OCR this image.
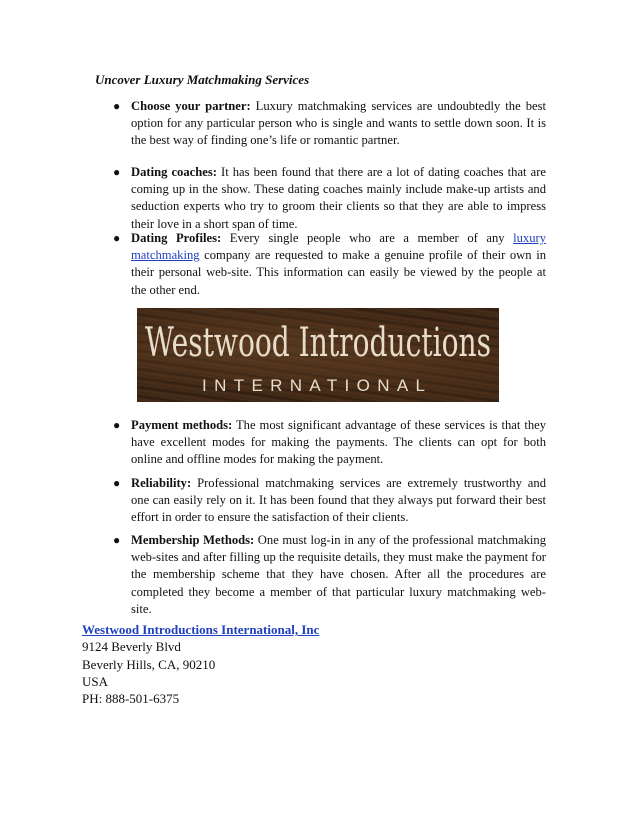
Uncover Luxury Matchmaking Services
● Choose your partner: Luxury matchmaking services are undoubtedly the best option for any particular person who is single and wants to settle down soon. It is the best way of finding one’s life or romantic partner.
● Dating coaches: It has been found that there are a lot of dating coaches that are coming up in the show. These dating coaches mainly include make-up artists and seduction experts who try to groom their clients so that they are able to impress their love in a short span of time.
● Dating Profiles: Every single people who are a member of any luxury matchmaking company are requested to make a genuine profile of their own in their personal web-site. This information can easily be viewed by the people at the other end.
● Payment methods: The most significant advantage of these services is that they have excellent modes for making the payments. The clients can opt for both online and offline modes for making the payment.
● Reliability: Professional matchmaking services are extremely trustworthy and one can easily rely on it. It has been found that they always put forward their best effort in order to ensure the satisfaction of their clients.
● Membership Methods: One must log-in in any of the professional matchmaking web-sites and after filling up the requisite details, they must make the payment for the membership scheme that they have chosen. After all the procedures are completed they become a member of that particular luxury matchmaking web-site.
Westwood Introductions
INTERNATIONAL
Westwood Introductions International, Inc
9124 Beverly Blvd
Beverly Hills, CA, 90210
USA
PH: 888-501-6375
